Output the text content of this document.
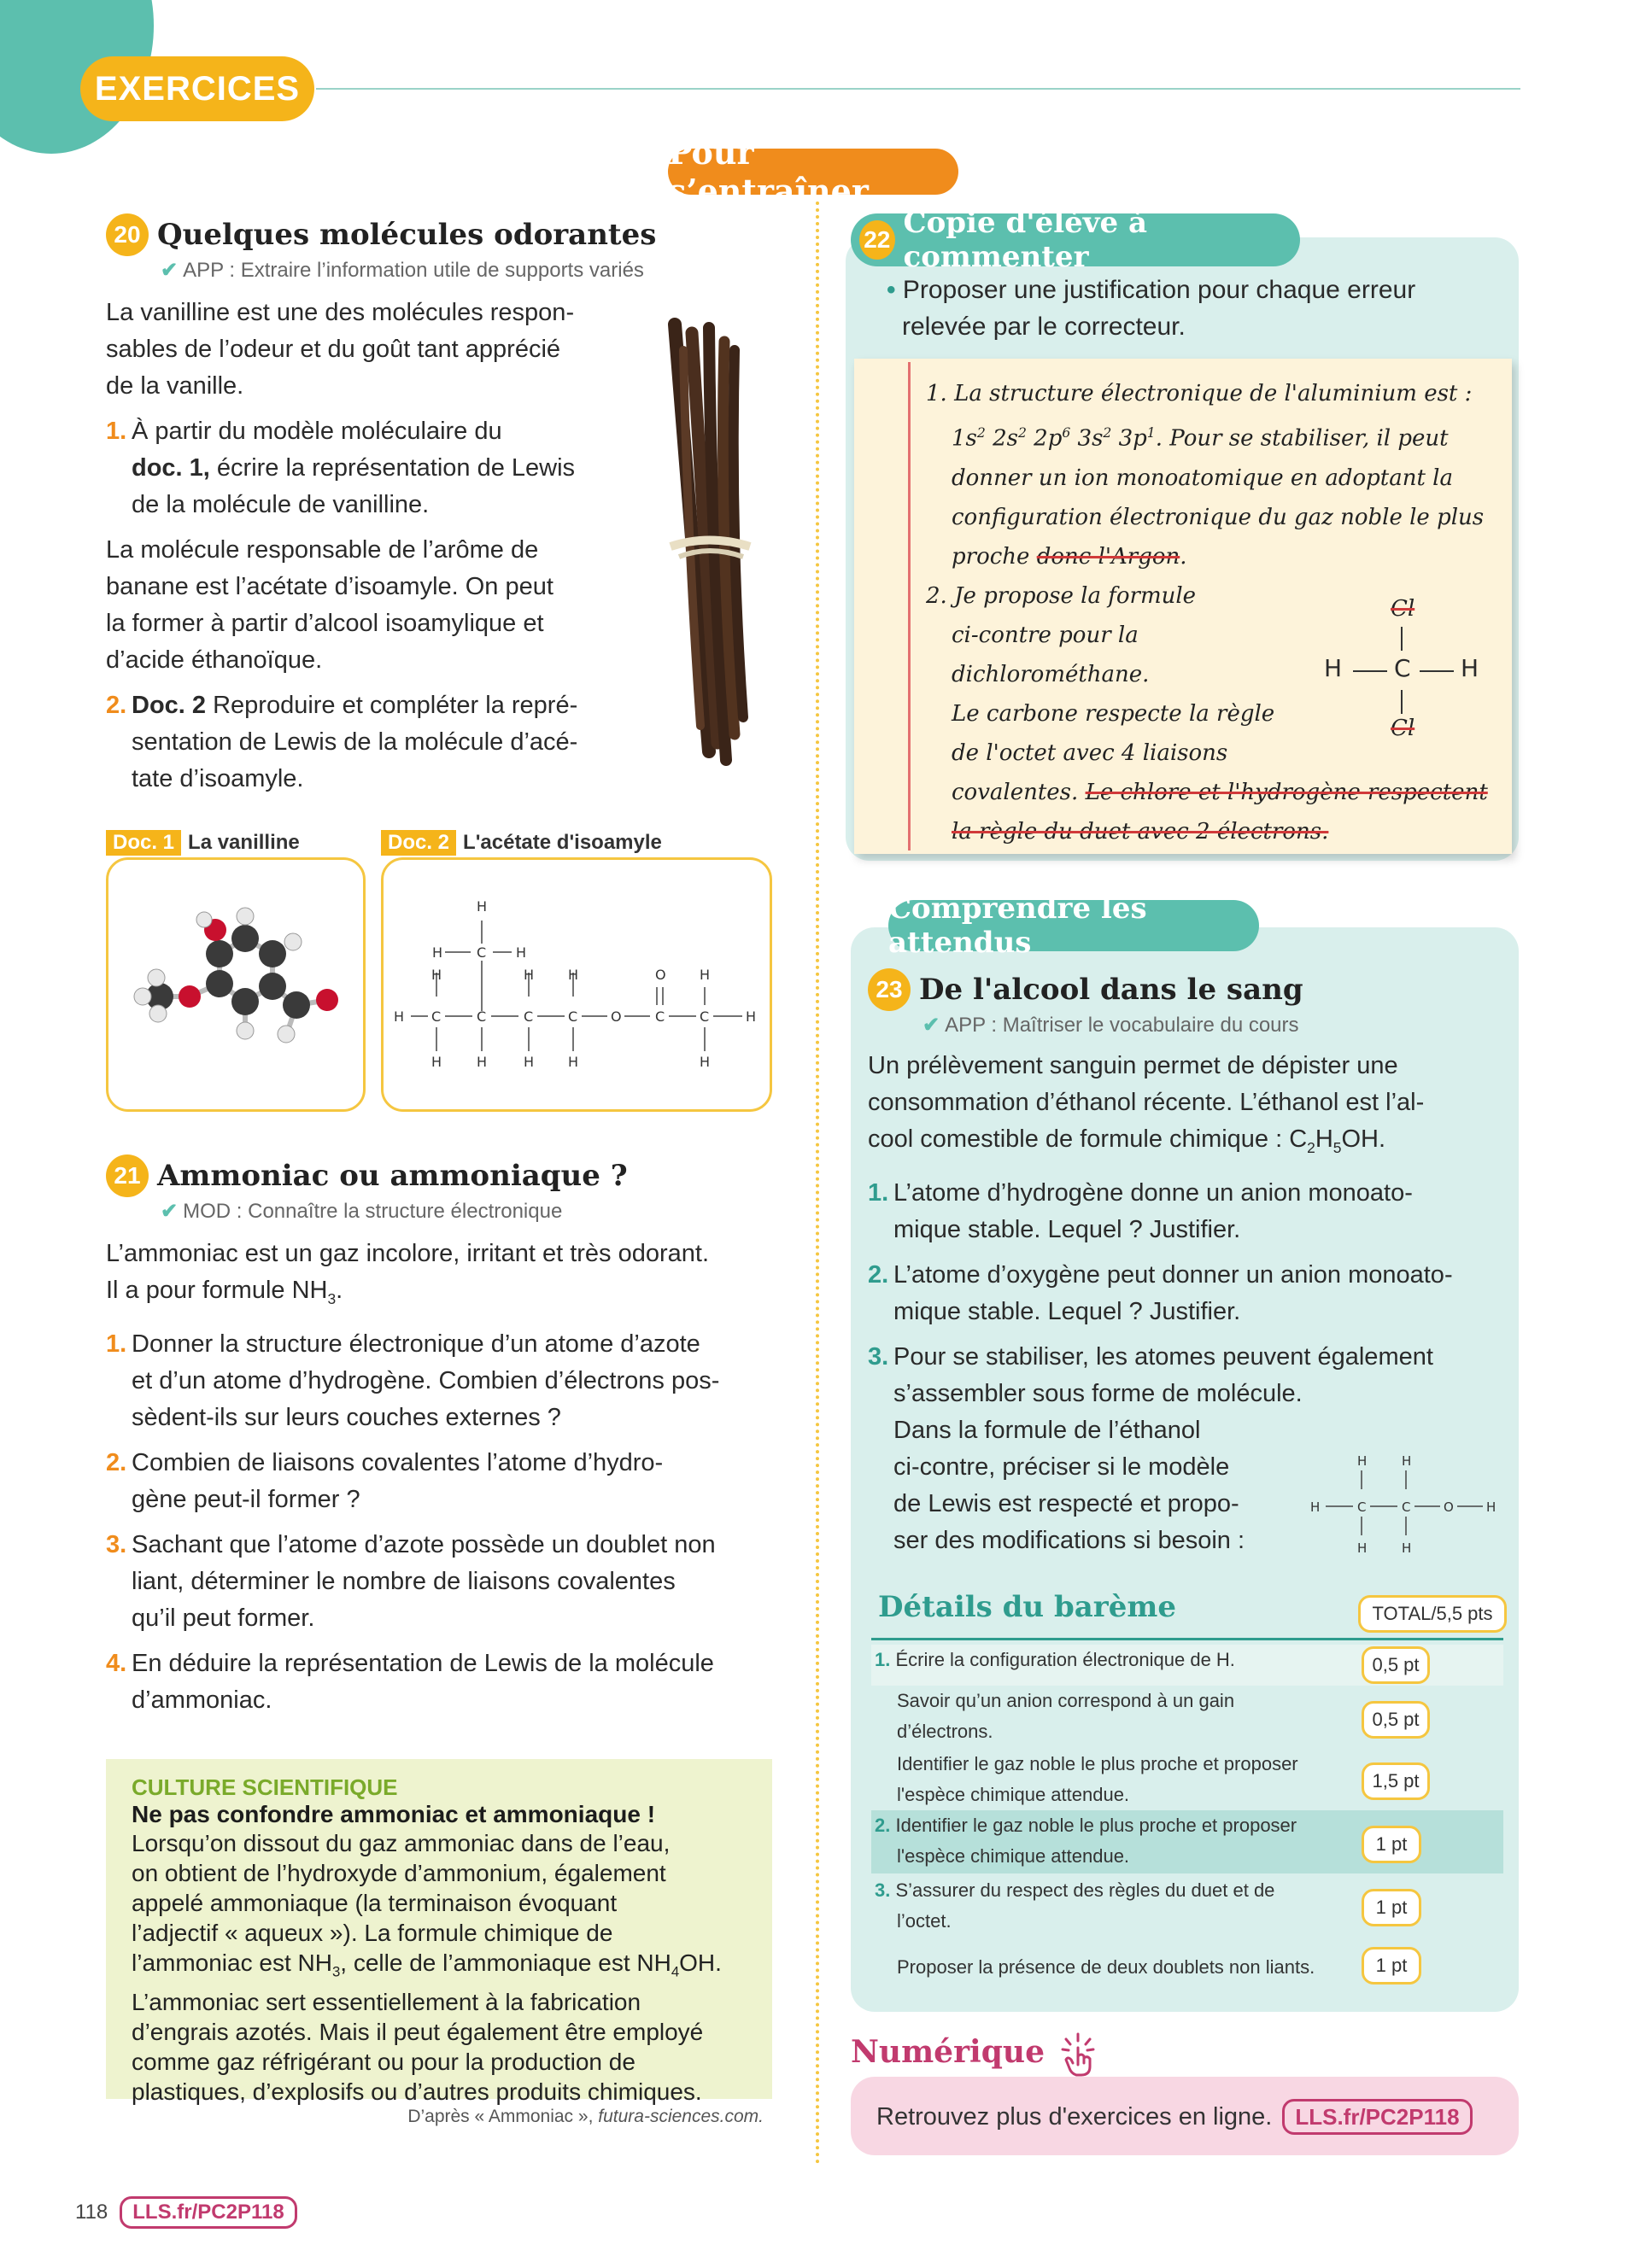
EXERCICES
Pour s’entraîner
20 Quelques molécules odorantes
✔ APP : Extraire l’information utile de supports variés
La vanilline est une des molécules respon-
sables de l’odeur et du goût tant apprécié
de la vanille.
1. À partir du modèle moléculaire du
doc. 1, écrire la représentation de Lewis
de la molécule de vanilline.
La molécule responsable de l’arôme de
banane est l’acétate d’isoamyle. On peut
la former à partir d’alcool isoamylique et
d’acide éthanoïque.
2. Doc. 2 Reproduire et compléter la repré-
sentation de Lewis de la molécule d’acé-
tate d’isoamyle.
Doc. 1 La vanilline	Doc. 2 L'acétate d'isoamyle
H
H C H
H	H H	O H
H C	C	C	C O C	C	H
H	H	H H	H
21 Ammoniac ou ammoniaque ?
✔ MOD : Connaître la structure électronique
L’ammoniac est un gaz incolore, irritant et très odorant.
Il a pour formule $NH_3$.
1. Donner la structure électronique d’un atome d’azote
et d’un atome d’hydrogène. Combien d’électrons pos-
sèdent-ils sur leurs couches externes ?
2. Combien de liaisons covalentes l’atome d’hydro-
gène peut-il former ?
3. Sachant que l’atome d’azote possède un doublet non
liant, déterminer le nombre de liaisons covalentes
qu’il peut former.
4. En déduire la représentation de Lewis de la molécule
d’ammoniac.
CULTURE SCIENTIFIQUE
Ne pas confondre ammoniac et ammoniaque !
Lorsqu’on dissout du gaz ammoniac dans de l’eau,
on obtient de l’hydroxyde d’ammonium, également
appelé ammoniaque (la terminaison évoquant
l’adjectif « aqueux »). La formule chimique de
l’ammoniac est $NH_3$, celle de l’ammoniaque est $NH_4OH$.
L’ammoniac sert essentiellement à la fabrication
d’engrais azotés. Mais il peut également être employé
comme gaz réfrigérant ou pour la production de
plastiques, d’explosifs ou d’autres produits chimiques.
D’après « Ammoniac », futura-sciences.com.
22 Copie d'élève à commenter
• Proposer une justification pour chaque erreur
relevée par le correcteur.
1. La structure électronique de l'aluminium est :
$1s^2$ $2s^2$ $2p^6$ $3s^2$ $3p^1$. Pour se stabiliser, il peut
donner un ion monoatomique en adoptant la
configuration électronique du gaz noble le plus
proche donc l'Argon.
2. Je propose la formule
ci-contre pour la
dichlorométhane.
Le carbone respecte la règle
de l'octet avec 4 liaisons
covalentes. Le chlore et l'hydrogène respectent
la règle du duet avec 2 électrons.
Cl
H C H
Cl
Comprendre les attendus
23 De l'alcool dans le sang
✔ APP : Maîtriser le vocabulaire du cours
Un prélèvement sanguin permet de dépister une
consommation d’éthanol récente. L’éthanol est l’al-
cool comestible de formule chimique : $C_2H_5OH$.
1. L’atome d’hydrogène donne un anion monoato-
mique stable. Lequel ? Justifier.
2. L’atome d’oxygène peut donner un anion monoato-
mique stable. Lequel ? Justifier.
3. Pour se stabiliser, les atomes peuvent également
s’assembler sous forme de molécule.
Dans la formule de l’éthanol
ci-contre, préciser si le modèle
de Lewis est respecté et propo-
ser des modifications si besoin :
H	H
H	C	C	O	H
H	H
Détails du barème	TOTAL/5,5 pts
1. Écrire la configuration électronique de H.	0,5 pt
Savoir qu’un anion correspond à un gain
d’électrons.
0,5 pt
Identifier le gaz noble le plus proche et proposer
l'espèce chimique attendue.
1,5 pt
2. Identifier le gaz noble le plus proche et proposer
l'espèce chimique attendue.
1 pt
3. S’assurer du respect des règles du duet et de
l’octet.
1 pt
Proposer la présence de deux doublets non liants.	1 pt
Numérique
Retrouvez plus d'exercices en ligne.	LLS.fr/PC2P118
118	LLS.fr/PC2P118
